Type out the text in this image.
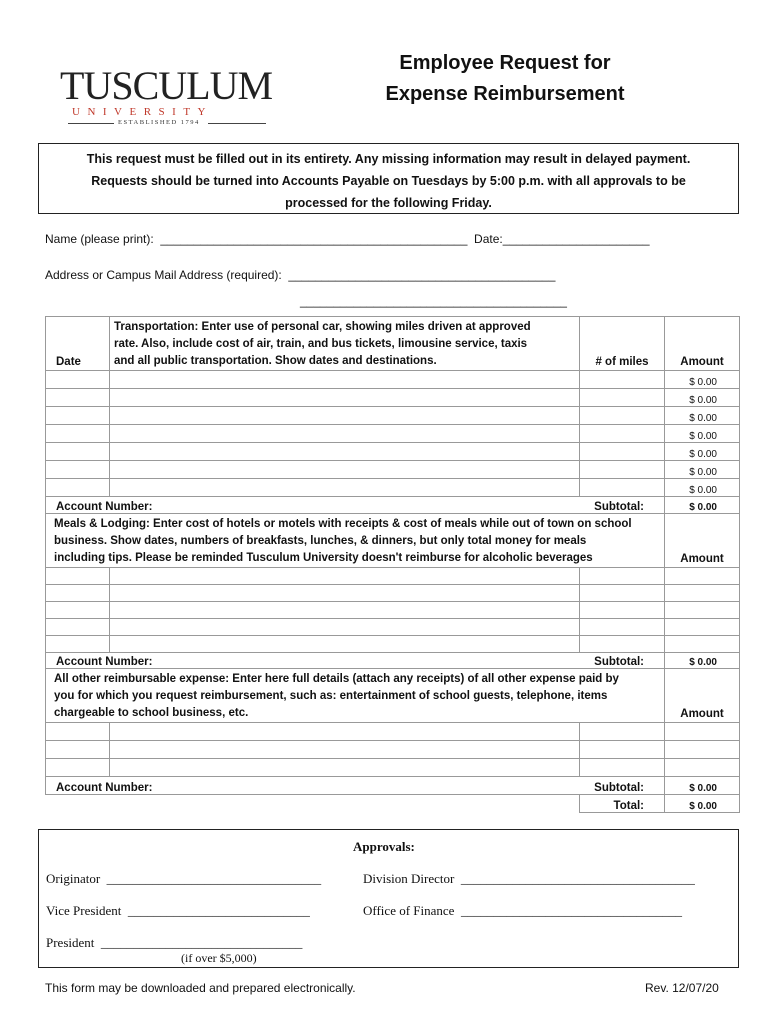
TUSCULUM
UNIVERSITY
ESTABLISHED 1794
Employee Request for
Expense Reimbursement
This request must be filled out in its entirety. Any missing information may result in delayed payment.
Requests should be turned into Accounts Payable on Tuesdays by 5:00 p.m. with all approvals to be
processed for the following Friday.
Name (please print):  ______________________________________________  Date:______________________
Address or Campus Mail Address (required):  ________________________________________
________________________________________
Date	Transportation: Enter use of personal car, showing miles driven at approved
rate. Also, include cost of air, train, and bus tickets, limousine service, taxis
and all public transportation. Show dates and destinations.	# of miles	Amount
			$ 0.00
			$ 0.00
			$ 0.00
			$ 0.00
			$ 0.00
			$ 0.00
			$ 0.00
Account Number:		Subtotal:	$ 0.00

Meals & Lodging: Enter cost of hotels or motels with receipts & cost of meals while out of town on school
business. Show dates, numbers of breakfasts, lunches, & dinners, but only total money for meals
including tips. Please be reminded Tusculum University doesn't reimburse for alcoholic beverages			Amount

Account Number:		Subtotal:	$ 0.00

All other reimbursable expense: Enter here full details (attach any receipts) of all other expense paid by
you for which you request reimbursement, such as: entertainment of school guests, telephone, items
chargeable to school business, etc.			Amount

Account Number:		Subtotal:	$ 0.00
		Total:	$ 0.00
Approvals:
Originator  _________________________________	Division Director  ____________________________________
Vice President  ____________________________	Office of Finance  __________________________________
President  _______________________________
(if over $5,000)
This form may be downloaded and prepared electronically.	Rev. 12/07/20
